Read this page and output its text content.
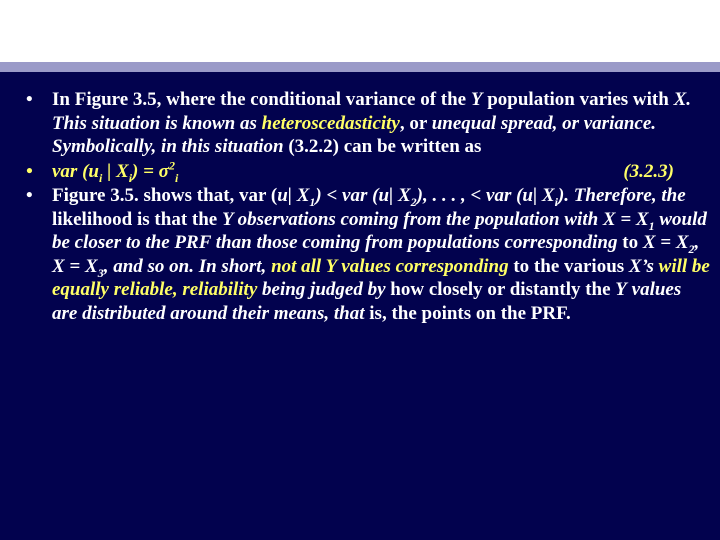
• In Figure 3.5, where the conditional variance of the Y population varies with X. This situation is known as heteroscedasticity, or unequal spread, or variance. Symbolically, in this situation (3.2.2) can be written as
• var ($u_i$ | $X_i) = \sigma^2_i$	(3.2.3)
• Figure 3.5. shows that, var (u| $X_1$) < var (u| $X_2$), . . . , < var (u| $X_i$). Therefore, the likelihood is that the Y observations coming from the population with $X = X_1$ would be closer to the PRF than those coming from populations corresponding to $X = X_2$, $X = X_3$, and so on. In short, not all Y values corresponding to the various X’s will be equally reliable, reliability being judged by how closely or distantly the Y values are distributed around their means, that is, the points on the PRF.
